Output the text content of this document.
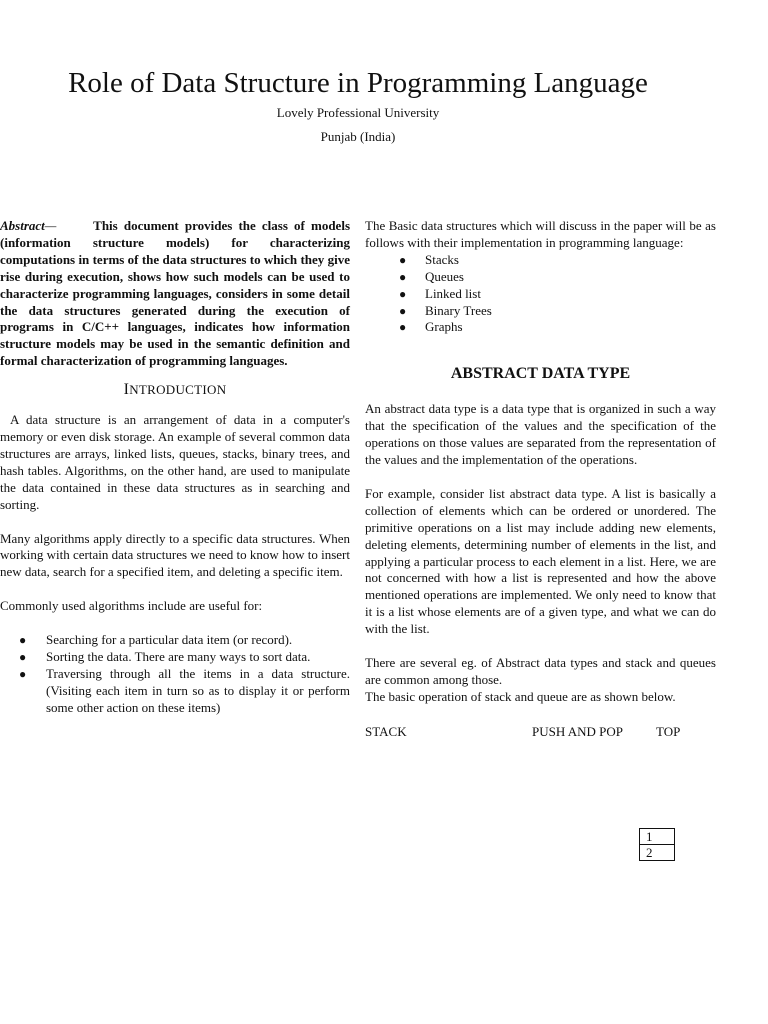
Role of Data Structure in Programming Language
Lovely Professional University
Punjab (India)

Abstract—	This document provides the class of models (information structure models) for characterizing computations in terms of the data structures to which they give rise during execution, shows how such models can be used to characterize programming languages, considers in some detail the data structures generated during the execution of programs in C/C++ languages, indicates how information structure models may be used in the semantic definition and formal characterization of programming languages.

INTRODUCTION

A data structure is an arrangement of data in a computer's memory or even disk storage. An example of several common data structures are arrays, linked lists, queues, stacks, binary trees, and hash tables. Algorithms, on the other hand, are used to manipulate the data contained in these data structures as in searching and sorting.

Many algorithms apply directly to a specific data structures. When working with certain data structures we need to know how to insert new data, search for a specified item, and deleting a specific item.

Commonly used algorithms include are useful for:

● Searching for a particular data item (or record).
● Sorting the data. There are many ways to sort data.
● Traversing through all the items in a data structure. (Visiting each item in turn so as to display it or perform some other action on these items)

The Basic data structures which will discuss in the paper will be as follows with their implementation in programming language:

● Stacks
● Queues
● Linked list
● Binary Trees
● Graphs
ABSTRACT DATA TYPE

An abstract data type is a data type that is organized in such a way that the specification of the values and the specification of the operations on those values are separated from the representation of the values and the implementation of the operations.

For example, consider list abstract data type. A list is basically a collection of elements which can be ordered or unordered. The primitive operations on a list may include adding new elements, deleting elements, determining number of elements in the list, and applying a particular process to each element in a list. Here, we are not concerned with how a list is represented and how the above mentioned operations are implemented. We only need to know that it is a list whose elements are of a given type, and what we can do with the list.

There are several eg. of Abstract data types and stack and queues are common among those.

The basic operation of stack and queue are as shown below.

STACK	PUSH AND POP	TOP
1
2
